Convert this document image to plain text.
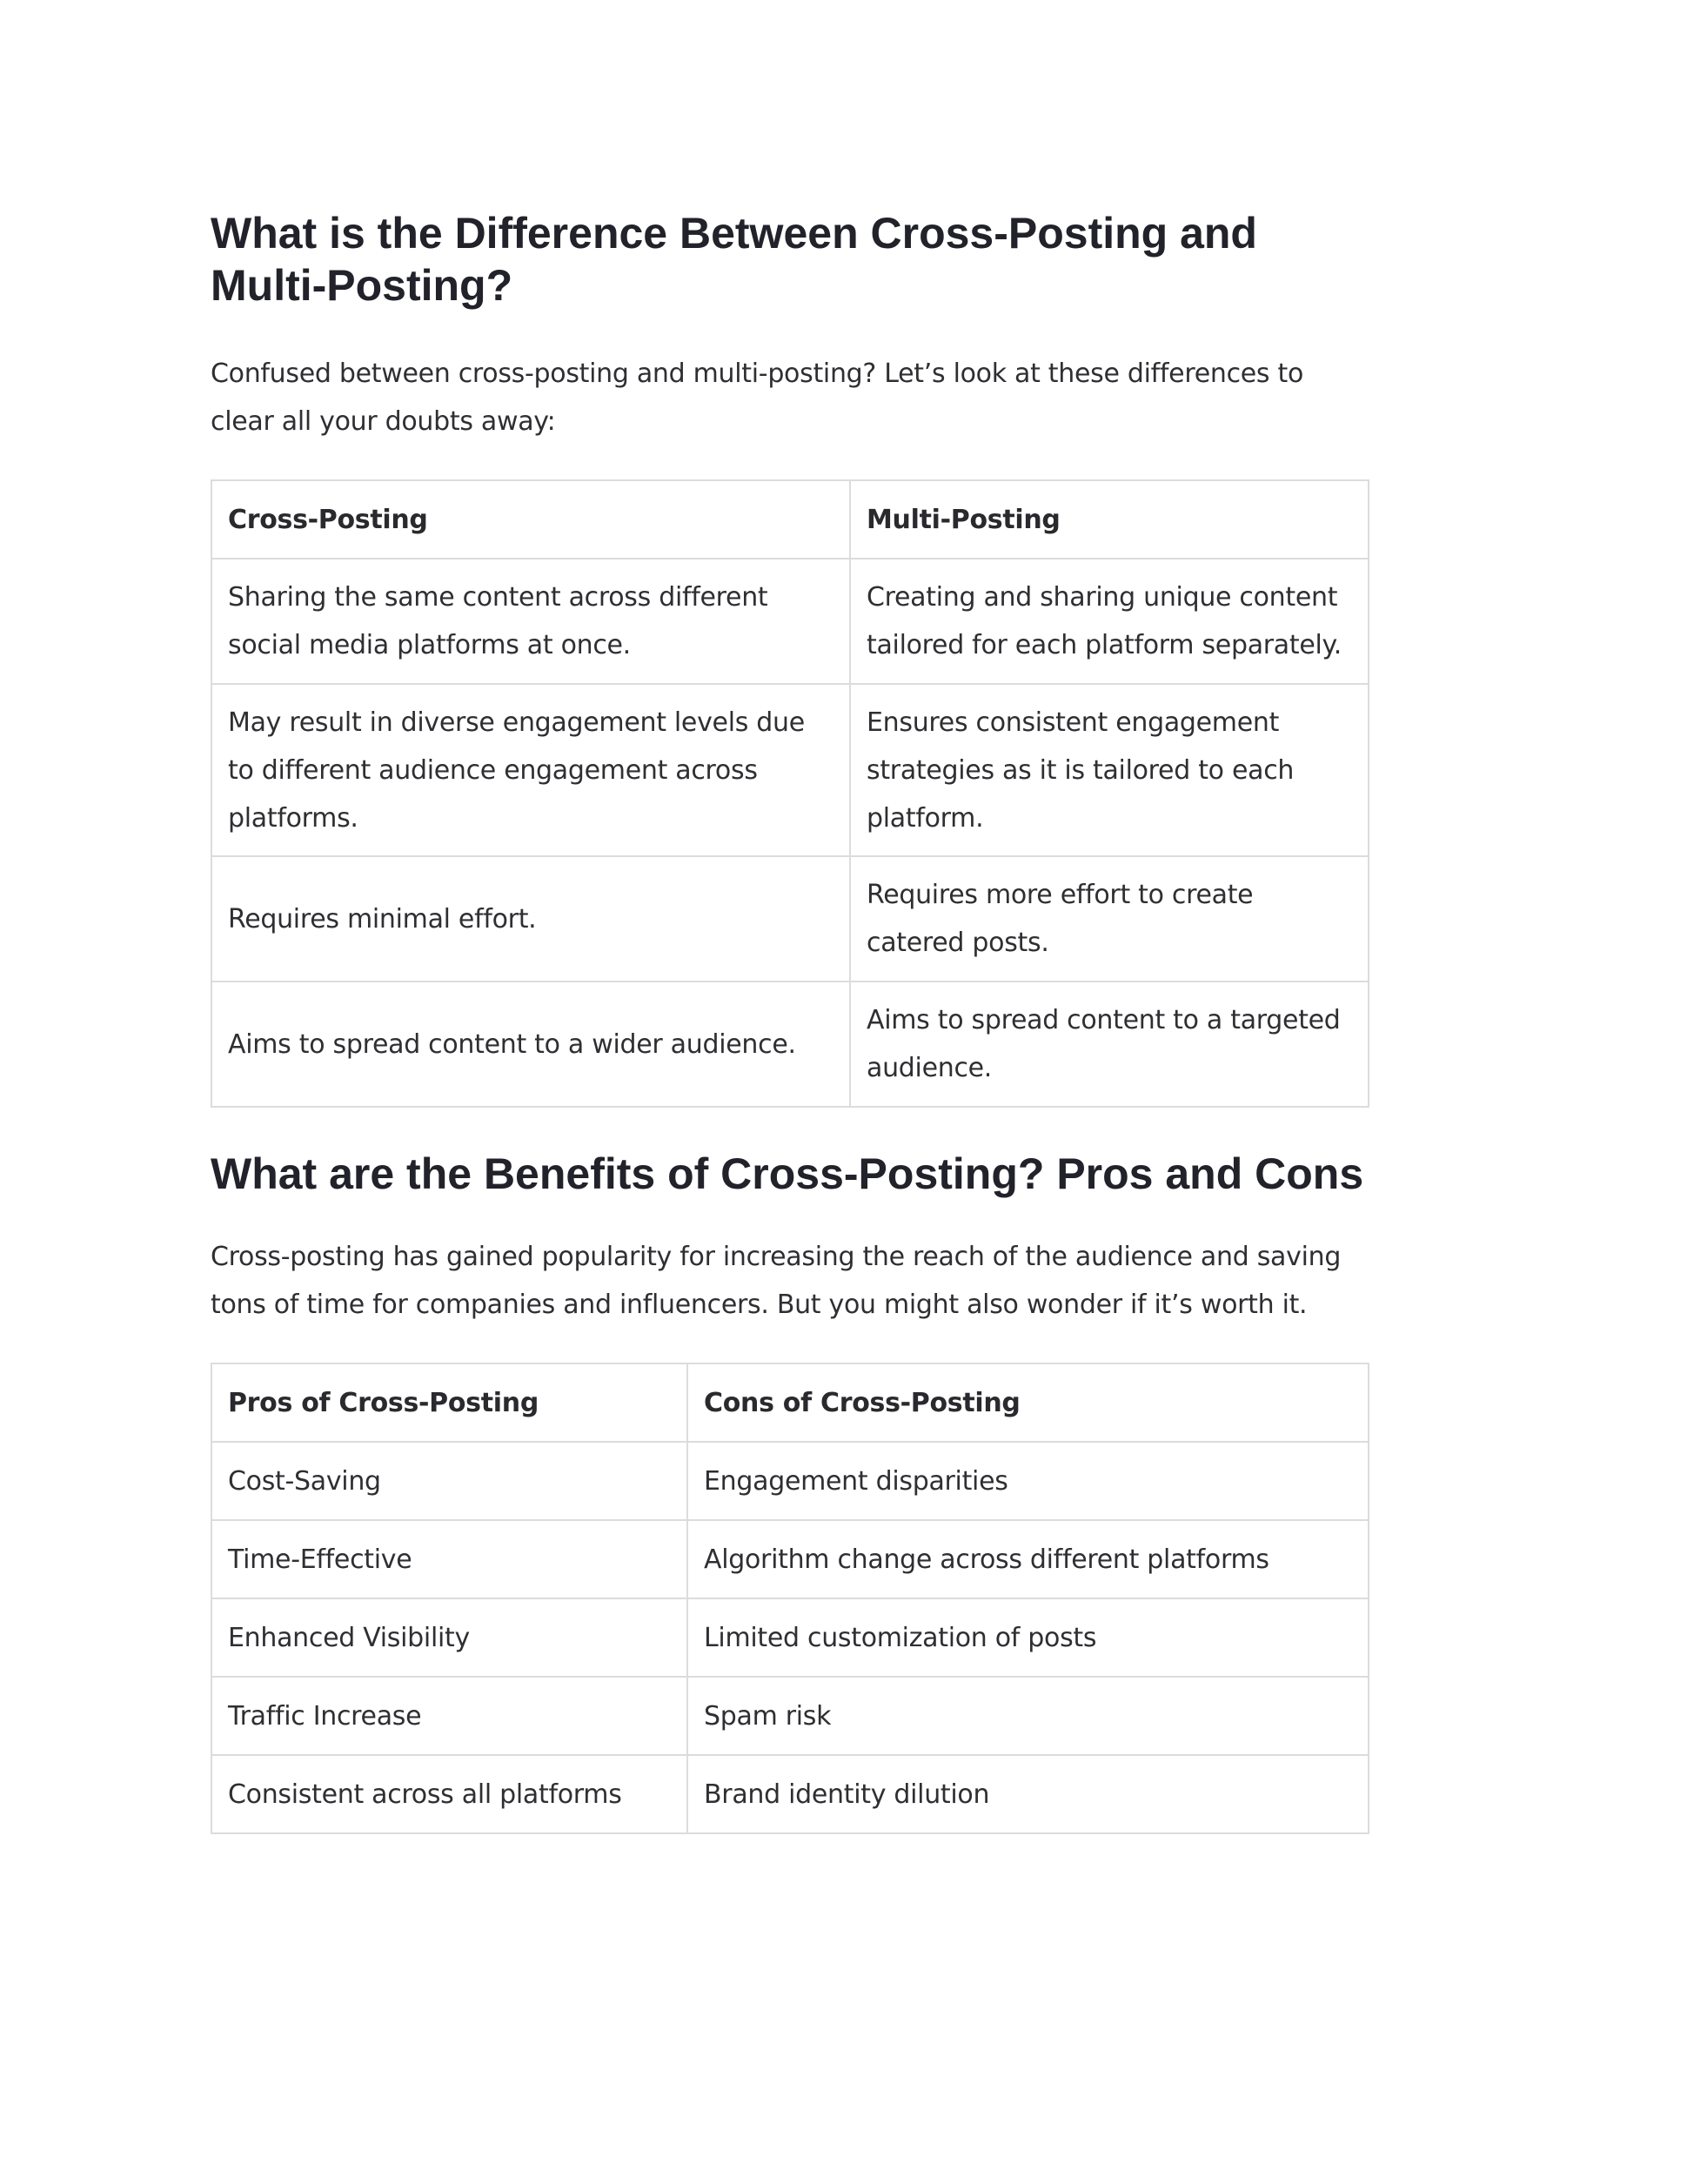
What is the Difference Between Cross-Posting and Multi-Posting?

Confused between cross-posting and multi-posting? Let’s look at these differences to clear all your doubts away:

Cross-Posting	Multi-Posting
Sharing the same content across different social media platforms at once.	Creating and sharing unique content tailored for each platform separately.
May result in diverse engagement levels due to different audience engagement across platforms.	Ensures consistent engagement strategies as it is tailored to each platform.
Requires minimal effort.	Requires more effort to create catered posts.
Aims to spread content to a wider audience.	Aims to spread content to a targeted audience.
What are the Benefits of Cross-Posting? Pros and Cons

Cross-posting has gained popularity for increasing the reach of the audience and saving tons of time for companies and influencers. But you might also wonder if it’s worth it.

Pros of Cross-Posting	Cons of Cross-Posting
Cost-Saving	Engagement disparities
Time-Effective	Algorithm change across different platforms
Enhanced Visibility	Limited customization of posts
Traffic Increase	Spam risk
Consistent across all platforms	Brand identity dilution
